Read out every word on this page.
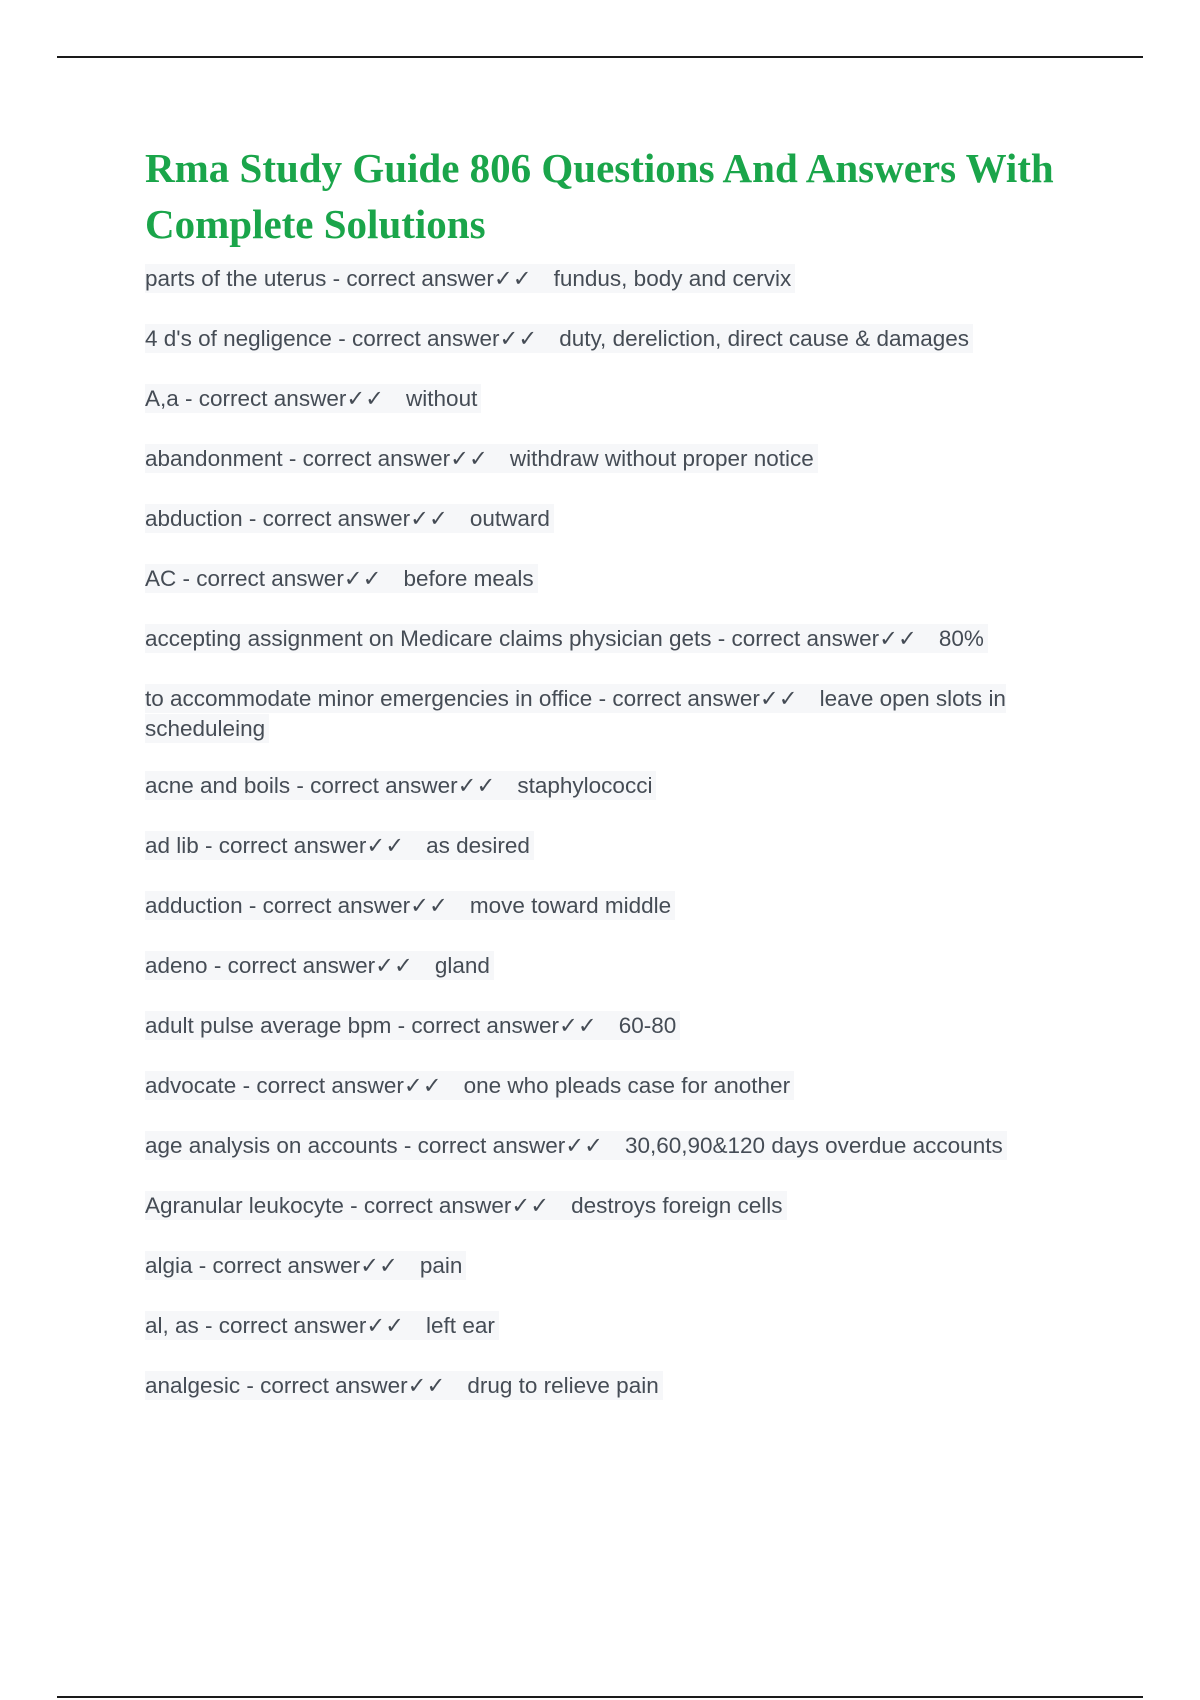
Rma Study Guide 806 Questions And Answers With Complete Solutions
parts of the uterus - correct answer✓✓ fundus, body and cervix
4 d's of negligence - correct answer✓✓ duty, dereliction, direct cause & damages
A,a - correct answer✓✓ without
abandonment - correct answer✓✓ withdraw without proper notice
abduction - correct answer✓✓ outward
AC - correct answer✓✓ before meals
accepting assignment on Medicare claims physician gets - correct answer✓✓ 80%
to accommodate minor emergencies in office - correct answer✓✓ leave open slots in scheduleing
acne and boils - correct answer✓✓ staphylococci
ad lib - correct answer✓✓ as desired
adduction - correct answer✓✓ move toward middle
adeno - correct answer✓✓ gland
adult pulse average bpm - correct answer✓✓ 60-80
advocate - correct answer✓✓ one who pleads case for another
age analysis on accounts - correct answer✓✓ 30,60,90&120 days overdue accounts
Agranular leukocyte - correct answer✓✓ destroys foreign cells
algia - correct answer✓✓ pain
al, as - correct answer✓✓ left ear
analgesic - correct answer✓✓ drug to relieve pain
